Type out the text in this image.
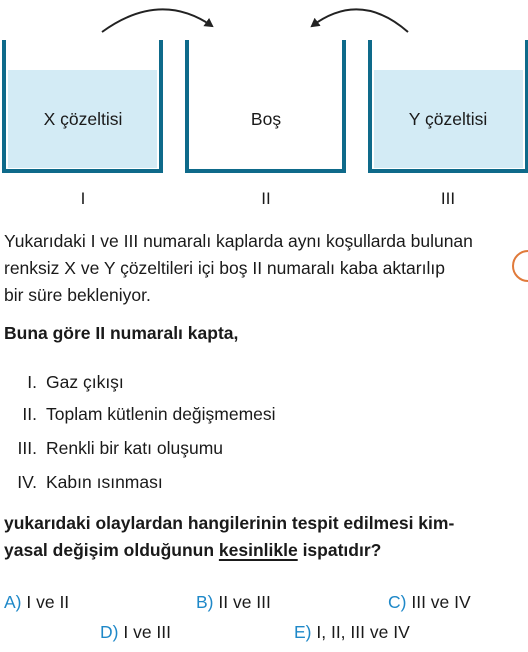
X çözeltisi
I
Boş
II
Y çözeltisi
III
Yukarıdaki I ve III numaralı kaplarda aynı koşullarda bulunan
renksiz X ve Y çözeltileri içi boş II numaralı kaba aktarılıp
bir süre bekleniyor.
Buna göre II numaralı kapta,
I. Gaz çıkışı
II. Toplam kütlenin değişmemesi
III. Renkli bir katı oluşumu
IV. Kabın ısınması
yukarıdaki olaylardan hangilerinin tespit edilmesi kim-
yasal değişim olduğunun kesinlikle ispatıdır?
A) I ve II	B) II ve III	C) III ve IV
D) I ve III	E) I, II, III ve IV
